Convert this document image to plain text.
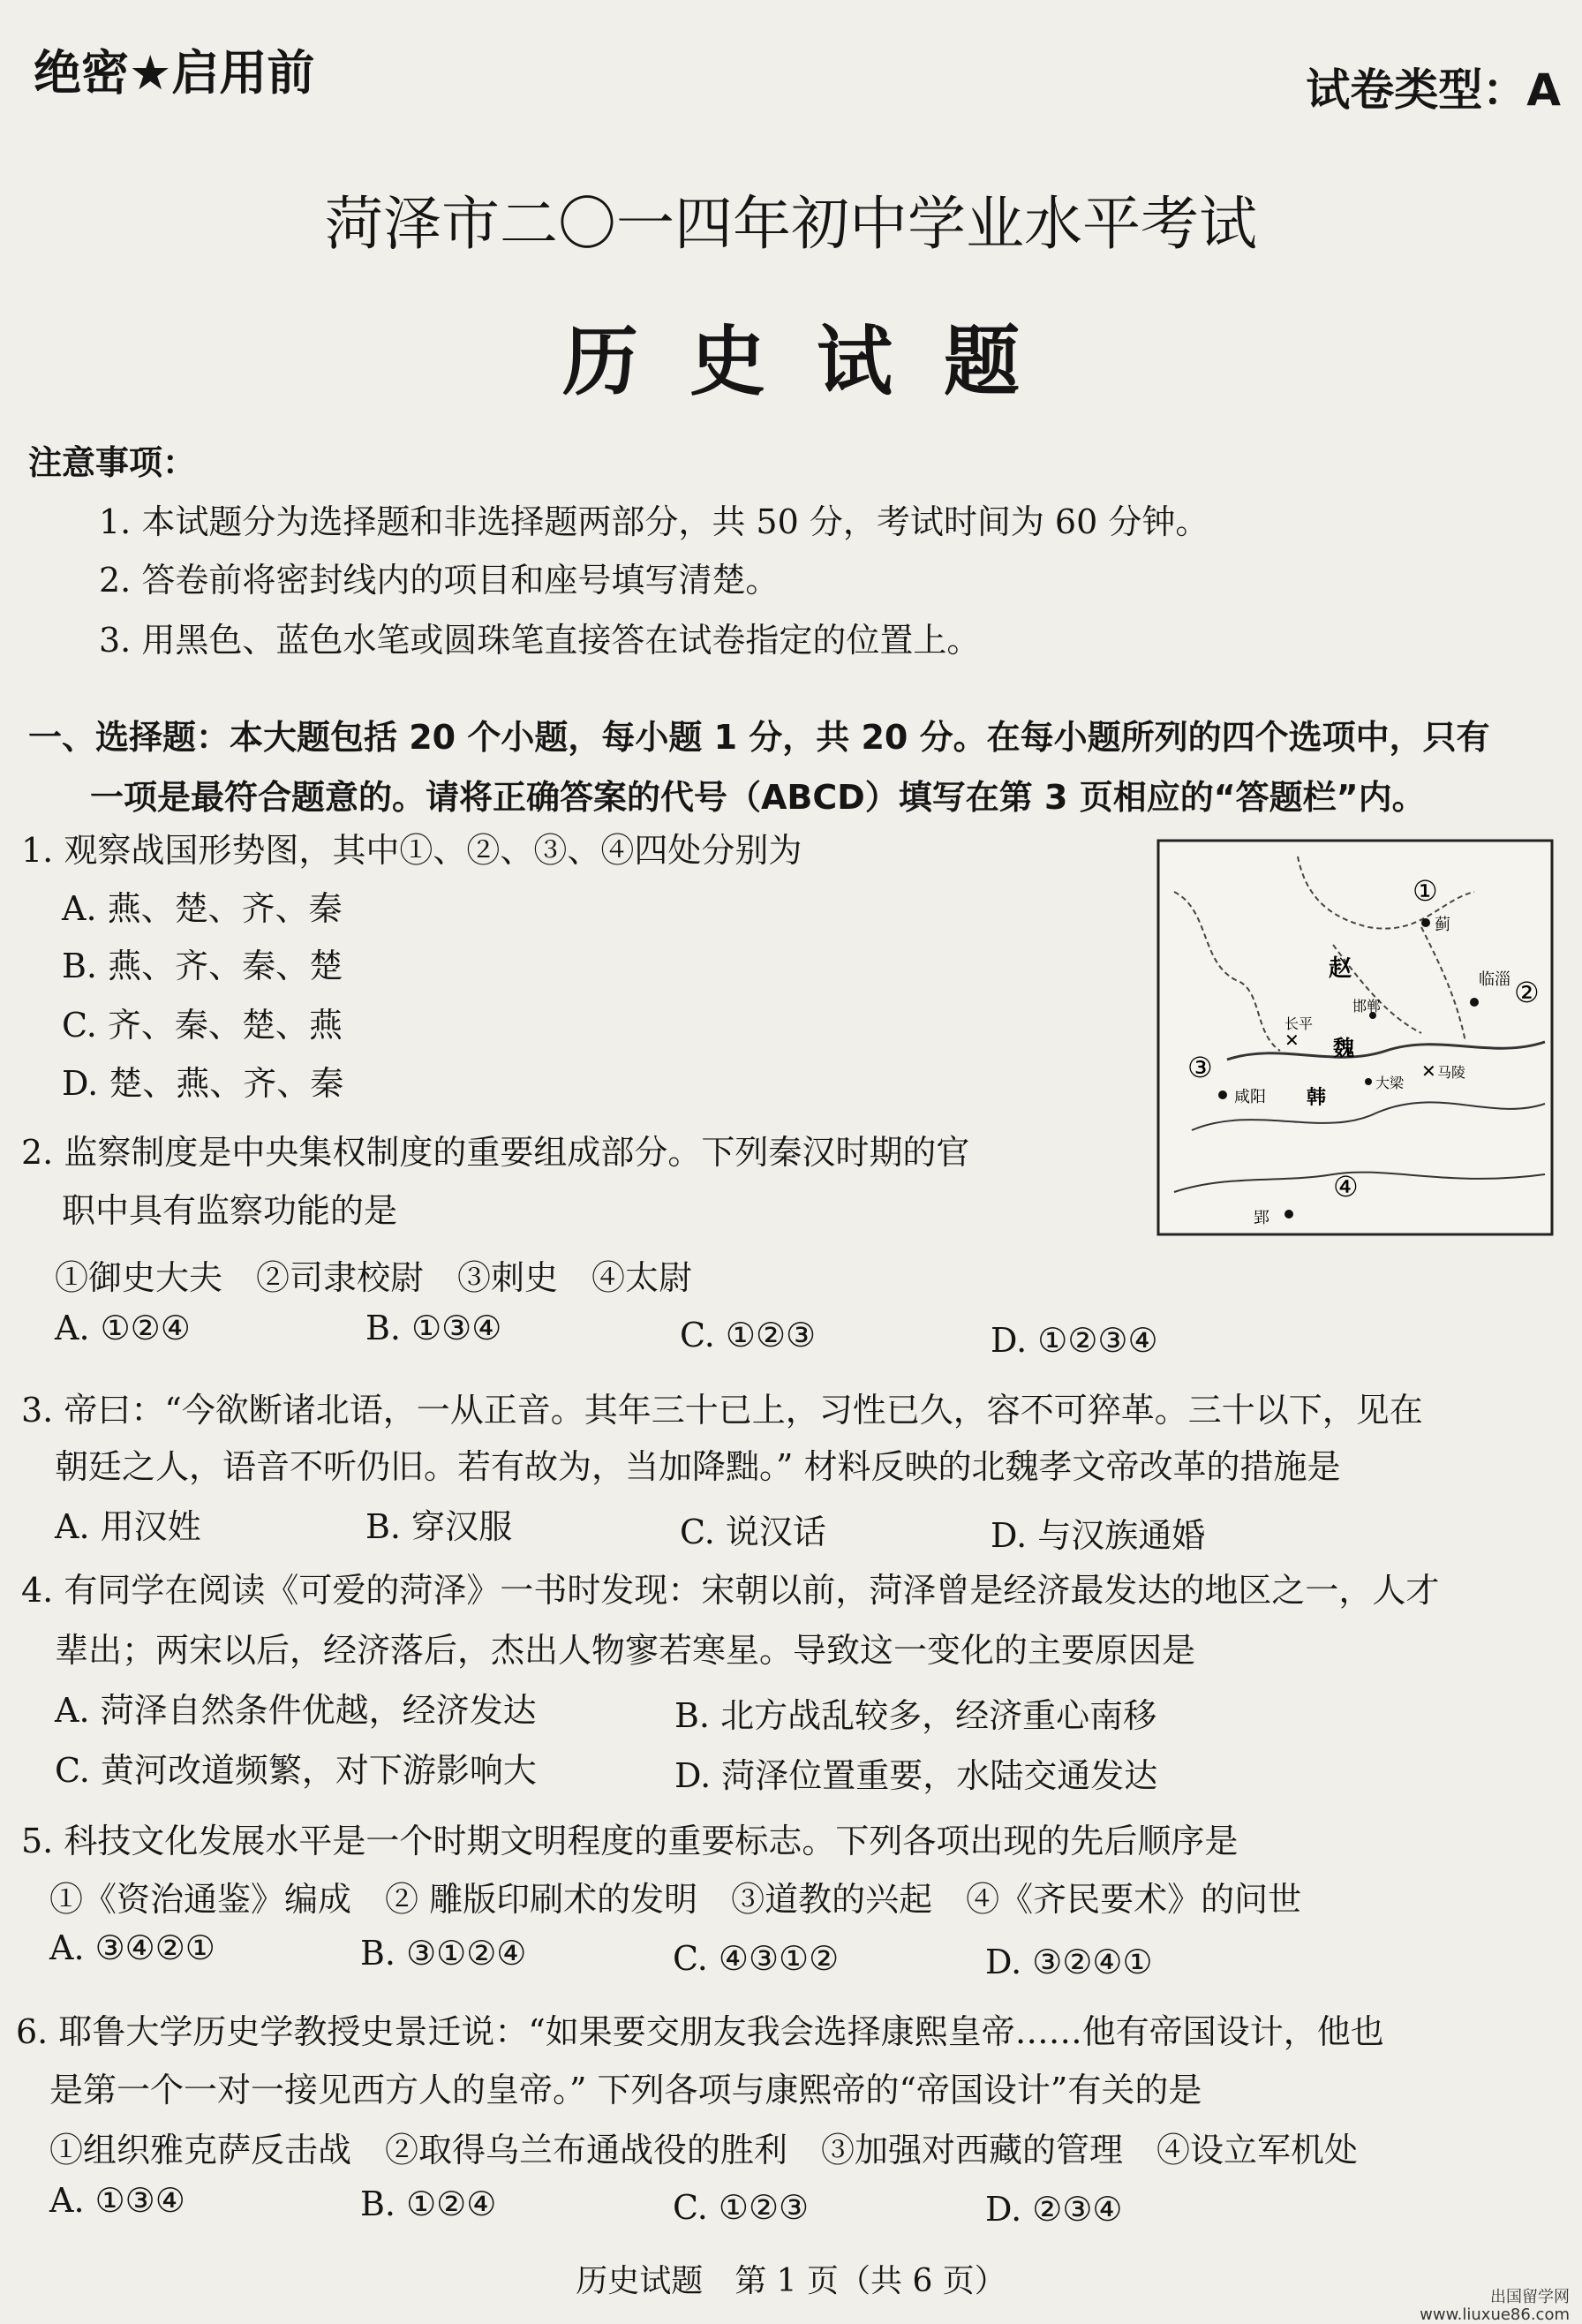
绝密★启用前	试卷类型：A
菏泽市二〇一四年初中学业水平考试
历史试题
注意事项：
1. 本试题分为选择题和非选择题两部分，共 50 分，考试时间为 60 分钟。
2. 答卷前将密封线内的项目和座号填写清楚。
3. 用黑色、蓝色水笔或圆珠笔直接答在试卷指定的位置上。
一、选择题：本大题包括 20 个小题，每小题 1 分，共 20 分。在每小题所列的四个选项中，只有
一项是最符合题意的。请将正确答案的代号（ABCD）填写在第 3 页相应的“答题栏”内。
1. 观察战国形势图，其中①、②、③、④四处分别为
A. 燕、楚、齐、秦
B. 燕、齐、秦、楚
C. 齐、秦、楚、燕
D. 楚、燕、齐、秦
①
②
③
④
蓟
赵	临淄
咸阳
郢
魏
韩
长平
大梁
马陵
邯郸
✕
✕
2. 监察制度是中央集权制度的重要组成部分。下列秦汉时期的官
职中具有监察功能的是
①御史大夫　②司隶校尉　③刺史　④太尉
A. ①②④	B. ①③④	C. ①②③	D. ①②③④
3. 帝曰：“今欲断诸北语，一从正音。其年三十已上，习性已久，容不可猝革。三十以下，见在
朝廷之人，语音不听仍旧。若有故为，当加降黜。” 材料反映的北魏孝文帝改革的措施是
A. 用汉姓	B. 穿汉服	C. 说汉话	D. 与汉族通婚
4. 有同学在阅读《可爱的菏泽》一书时发现：宋朝以前，菏泽曾是经济最发达的地区之一，人才
辈出；两宋以后，经济落后，杰出人物寥若寒星。导致这一变化的主要原因是
A. 菏泽自然条件优越，经济发达	B. 北方战乱较多，经济重心南移
C. 黄河改道频繁，对下游影响大	D. 菏泽位置重要，水陆交通发达
5. 科技文化发展水平是一个时期文明程度的重要标志。下列各项出现的先后顺序是
①《资治通鉴》编成　② 雕版印刷术的发明　③道教的兴起　④《齐民要术》的问世
A. ③④②①	B. ③①②④	C. ④③①②	D. ③②④①
6. 耶鲁大学历史学教授史景迁说：“如果要交朋友我会选择康熙皇帝……他有帝国设计，他也
是第一个一对一接见西方人的皇帝。” 下列各项与康熙帝的“帝国设计”有关的是
①组织雅克萨反击战　②取得乌兰布通战役的胜利　③加强对西藏的管理　④设立军机处
A. ①③④	B. ①②④	C. ①②③	D. ②③④
历史试题　第 1 页（共 6 页）	出国留学网
www.liuxue86.com
